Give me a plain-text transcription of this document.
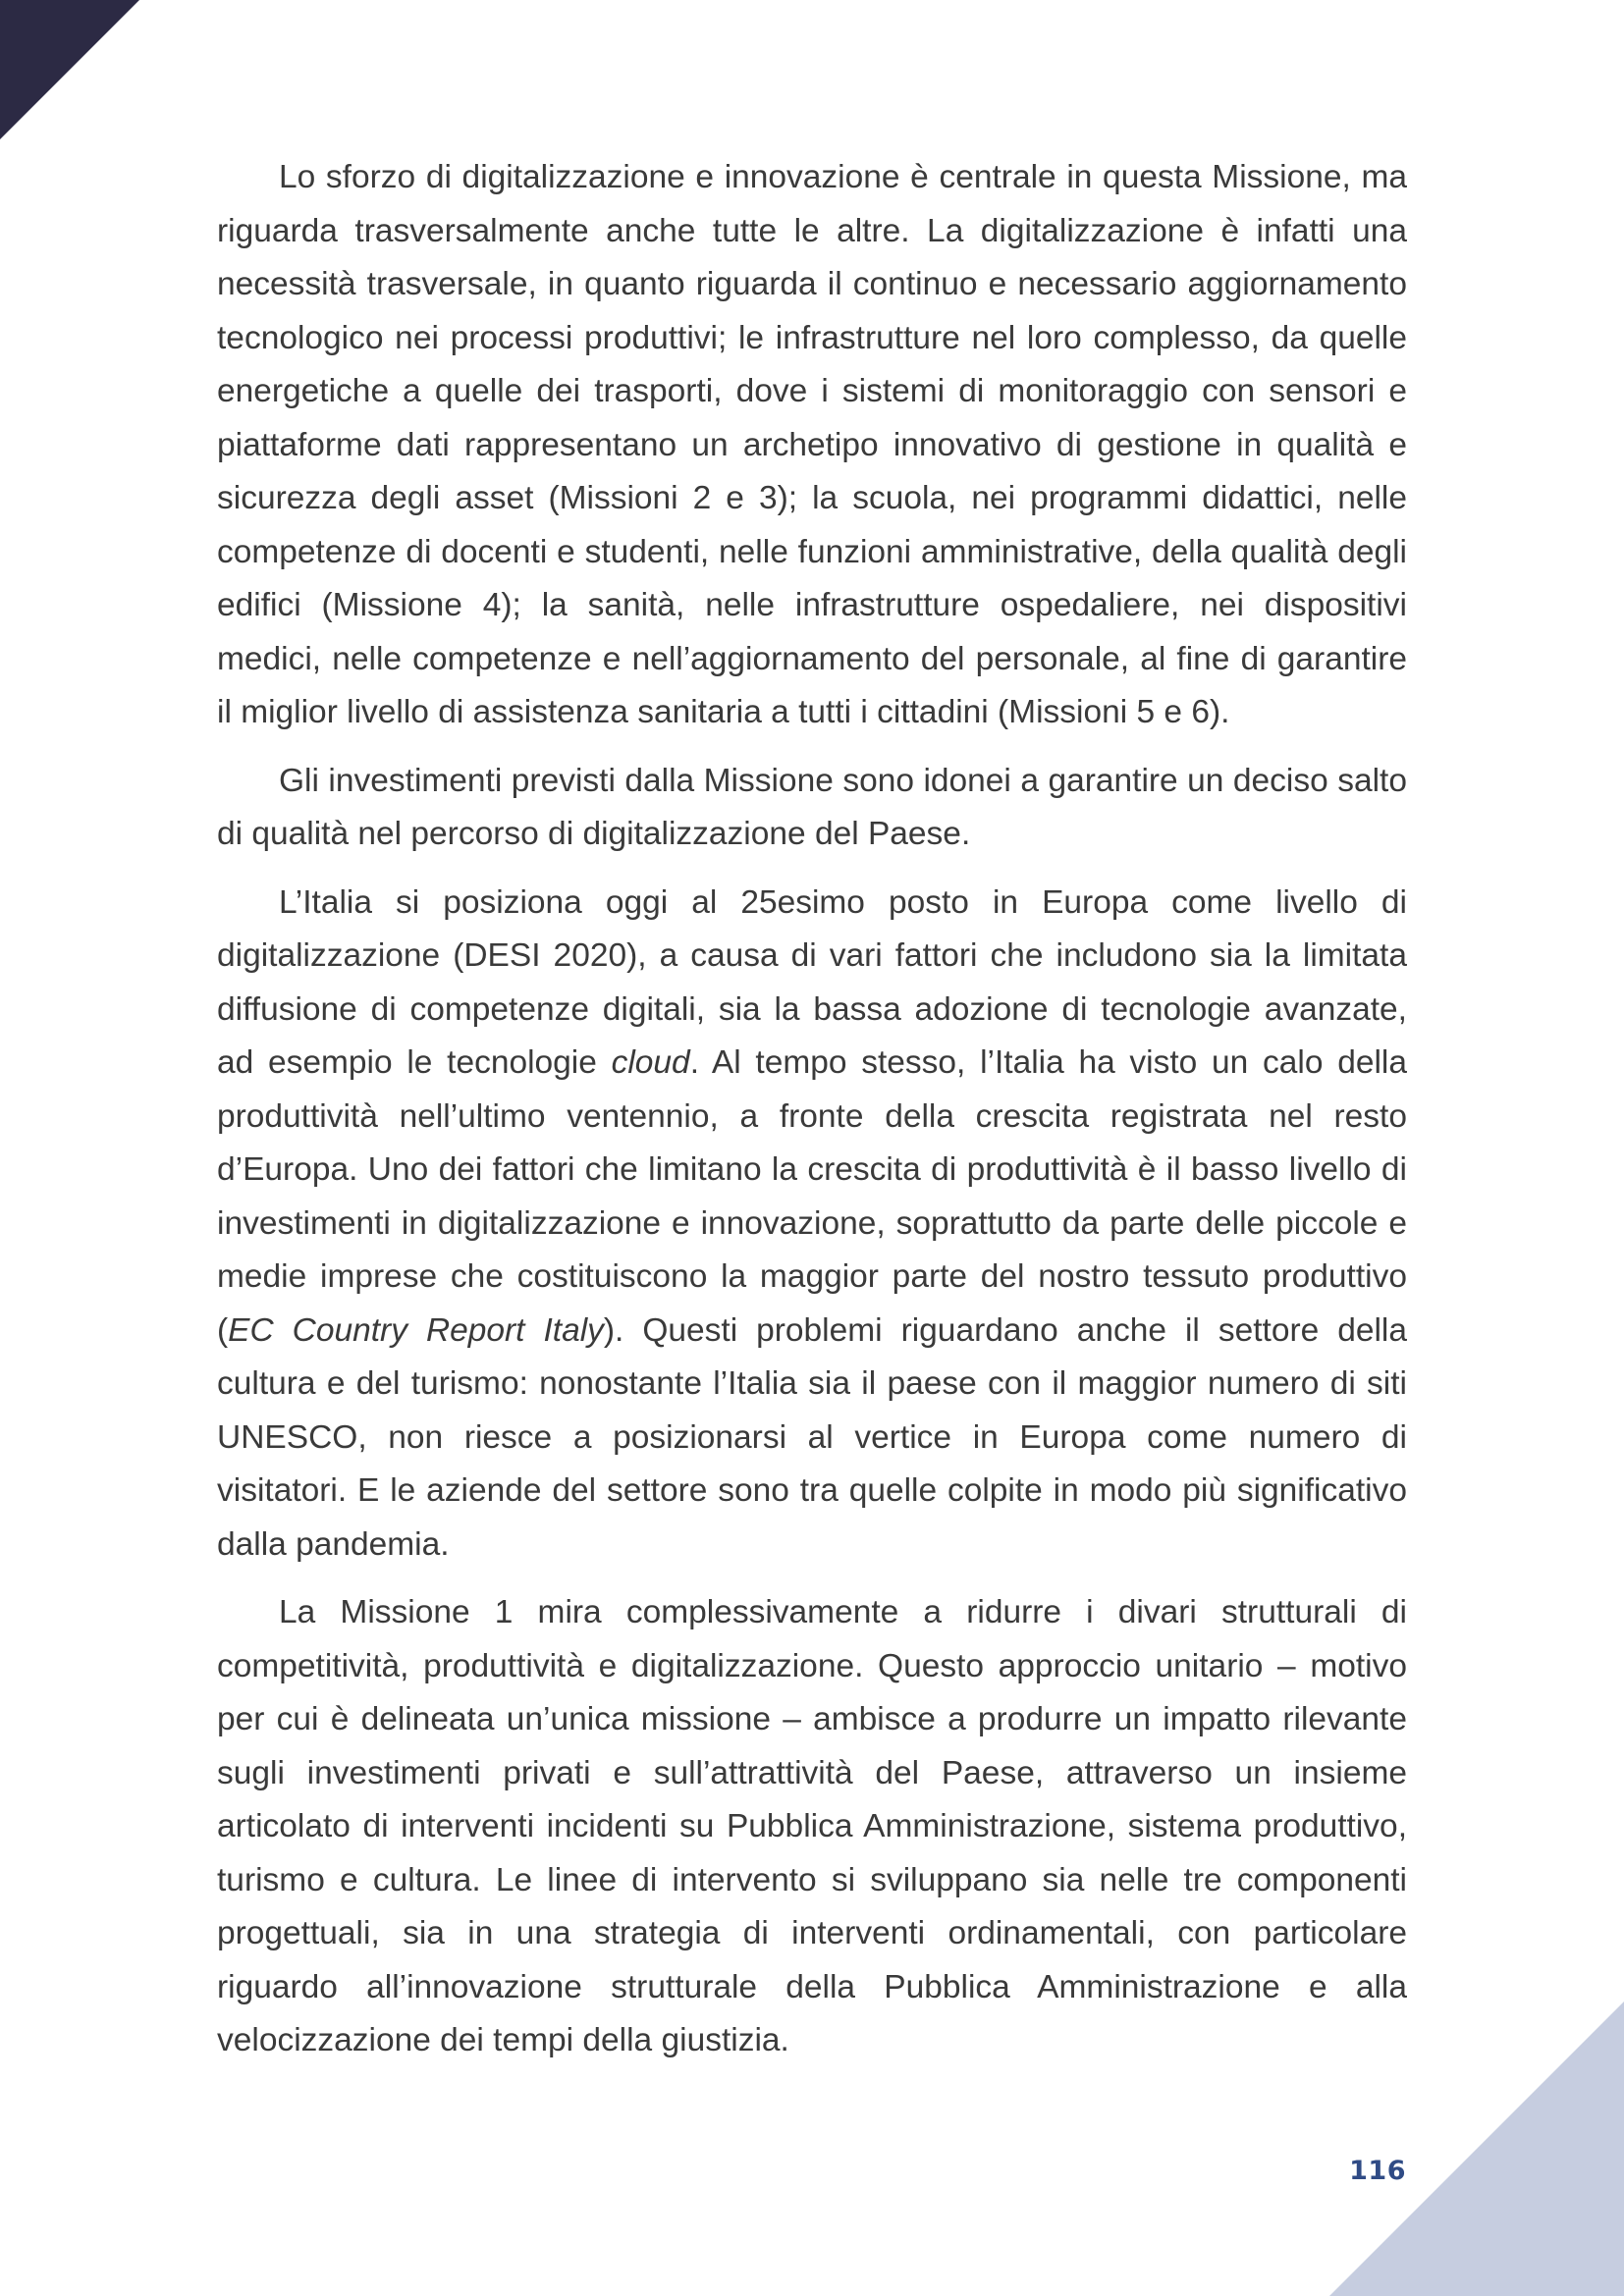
Lo sforzo di digitalizzazione e innovazione è centrale in questa Missione, ma riguarda trasversalmente anche tutte le altre. La digitalizzazione è infatti una necessità trasversale, in quanto riguarda il continuo e necessario aggiornamento tecnologico nei processi produttivi; le infrastrutture nel loro complesso, da quelle energetiche a quelle dei trasporti, dove i sistemi di monitoraggio con sensori e piattaforme dati rappresentano un archetipo innovativo di gestione in qualità e sicurezza degli asset (Missioni 2 e 3); la scuola, nei programmi didattici, nelle competenze di docenti e studenti, nelle funzioni amministrative, della qualità degli edifici (Missione 4); la sanità, nelle infrastrutture ospedaliere, nei dispositivi medici, nelle competenze e nell’aggiornamento del personale, al fine di garantire il miglior livello di assistenza sanitaria a tutti i cittadini (Missioni 5 e 6).

Gli investimenti previsti dalla Missione sono idonei a garantire un deciso salto di qualità nel percorso di digitalizzazione del Paese.

L’Italia si posiziona oggi al 25esimo posto in Europa come livello di digitalizzazione (DESI 2020), a causa di vari fattori che includono sia la limitata diffusione di competenze digitali, sia la bassa adozione di tecnologie avanzate, ad esempio le tecnologie cloud. Al tempo stesso, l’Italia ha visto un calo della produttività nell’ultimo ventennio, a fronte della crescita registrata nel resto d’Europa. Uno dei fattori che limitano la crescita di produttività è il basso livello di investimenti in digitalizzazione e innovazione, soprattutto da parte delle piccole e medie imprese che costituiscono la maggior parte del nostro tessuto produttivo (EC Country Report Italy). Questi problemi riguardano anche il settore della cultura e del turismo: nonostante l’Italia sia il paese con il maggior numero di siti UNESCO, non riesce a posizionarsi al vertice in Europa come numero di visitatori. E le aziende del settore sono tra quelle colpite in modo più significativo dalla pandemia.

La Missione 1 mira complessivamente a ridurre i divari strutturali di competitività, produttività e digitalizzazione. Questo approccio unitario – motivo per cui è delineata un’unica missione – ambisce a produrre un impatto rilevante sugli investimenti privati e sull’attrattività del Paese, attraverso un insieme articolato di interventi incidenti su Pubblica Amministrazione, sistema produttivo, turismo e cultura. Le linee di intervento si sviluppano sia nelle tre componenti progettuali, sia in una strategia di interventi ordinamentali, con particolare riguardo all’innovazione strutturale della Pubblica Amministrazione e alla velocizzazione dei tempi della giustizia.

116
